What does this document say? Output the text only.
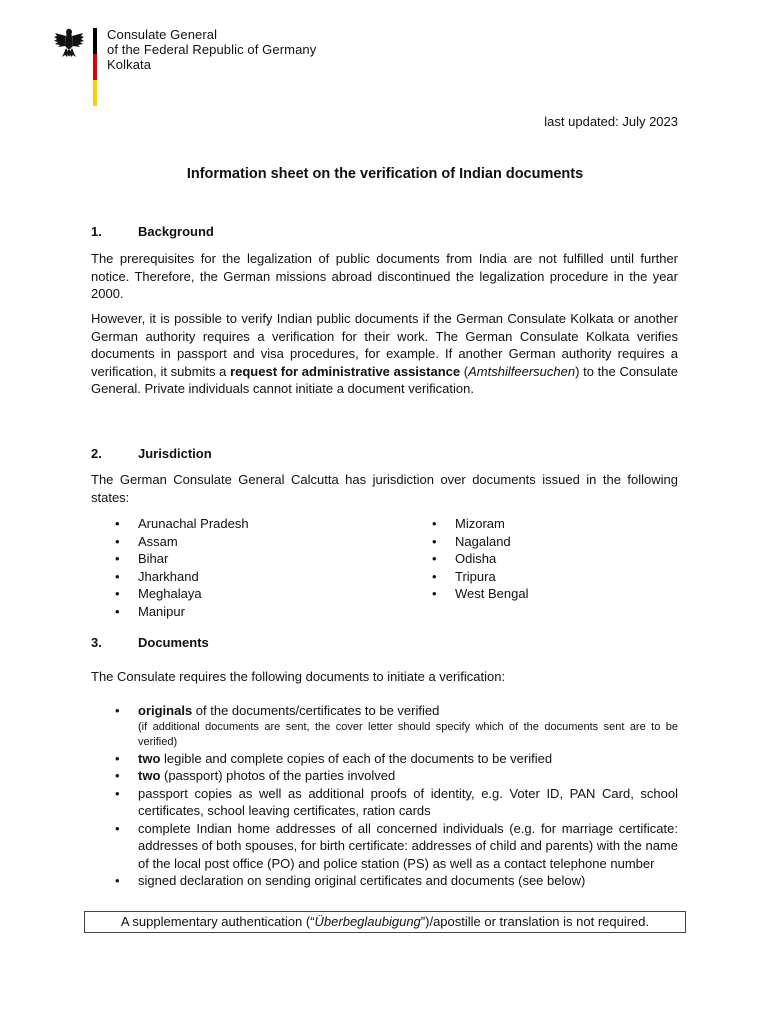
Consulate General
of the Federal Republic of Germany
Kolkata
last updated: July 2023
Information sheet on the verification of Indian documents
1.	Background
The prerequisites for the legalization of public documents from India are not fulfilled until further notice. Therefore, the German missions abroad discontinued the legalization procedure in the year 2000.
However, it is possible to verify Indian public documents if the German Consulate Kolkata or another German authority requires a verification for their work. The German Consulate Kolkata verifies documents in passport and visa procedures, for example. If another German authority requires a verification, it submits a request for administrative assistance (Amtshilfeersuchen) to the Consulate General. Private individuals cannot initiate a document verification.
2.	Jurisdiction
The German Consulate General Calcutta has jurisdiction over documents issued in the following states:
• Arunachal Pradesh
• Assam
• Bihar
• Jharkhand
• Meghalaya
• Manipur
• Mizoram
• Nagaland
• Odisha
• Tripura
• West Bengal
3.	Documents
The Consulate requires the following documents to initiate a verification:
• originals of the documents/certificates to be verified
(if additional documents are sent, the cover letter should specify which of the documents sent are to be verified)
• two legible and complete copies of each of the documents to be verified
• two (passport) photos of the parties involved
• passport copies as well as additional proofs of identity, e.g. Voter ID, PAN Card, school certificates, school leaving certificates, ration cards
• complete Indian home addresses of all concerned individuals (e.g. for marriage certificate: addresses of both spouses, for birth certificate: addresses of child and parents) with the name of the local post office (PO) and police station (PS) as well as a contact telephone number
• signed declaration on sending original certificates and documents (see below)
A supplementary authentication (“Überbeglaubigung”)/apostille or translation is not required.
